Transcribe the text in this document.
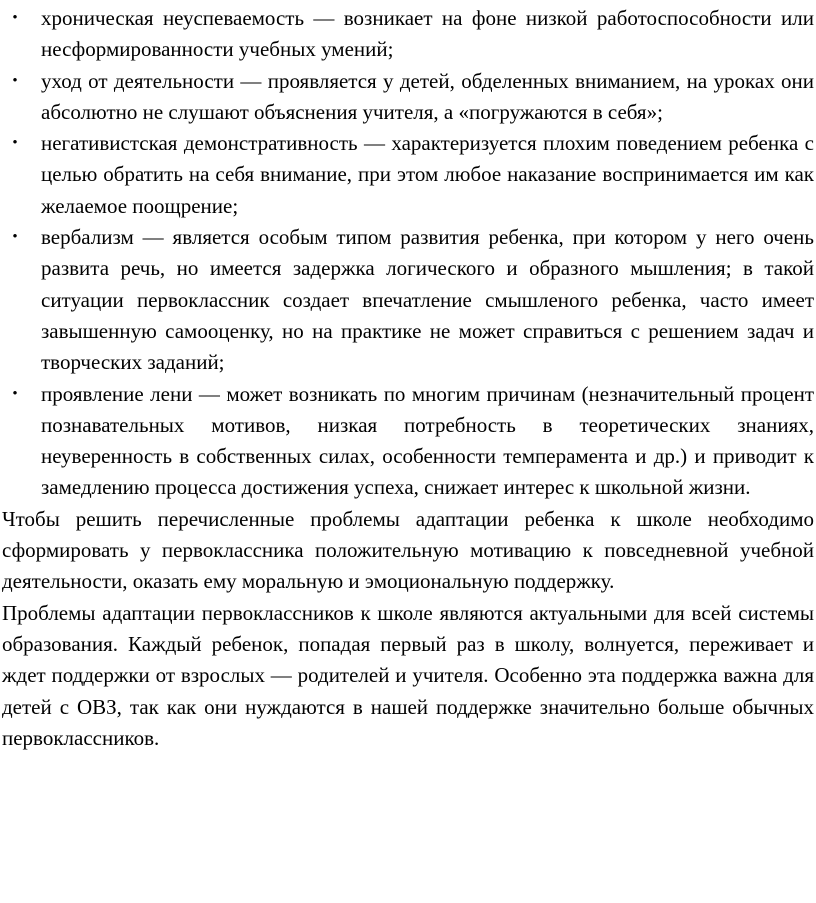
• хроническая неуспеваемость — возникает на фоне низкой работоспособности или несформированности учебных умений;
• уход от деятельности — проявляется у детей, обделенных вниманием, на уроках они абсолютно не слушают объяснения учителя, а «погружаются в себя»;
• негативистская демонстративность — характеризуется плохим поведением ребенка с целью обратить на себя внимание, при этом любое наказание воспринимается им как желаемое поощрение;
• вербализм — является особым типом развития ребенка, при котором у него очень развита речь, но имеется задержка логического и образного мышления; в такой ситуации первоклассник создает впечатление смышленого ребенка, часто имеет завышенную самооценку, но на практике не может справиться с решением задач и творческих заданий;
• проявление лени — может возникать по многим причинам (незначительный процент познавательных мотивов, низкая потребность в теоретических знаниях, неуверенность в собственных силах, особенности темперамента и др.) и приводит к замедлению процесса достижения успеха, снижает интерес к школьной жизни.

Чтобы решить перечисленные проблемы адаптации ребенка к школе необходимо сформировать у первоклассника положительную мотивацию к повседневной учебной деятельности, оказать ему моральную и эмоциональную поддержку.

Проблемы адаптации первоклассников к школе являются актуальными для всей системы образования. Каждый ребенок, попадая первый раз в школу, волнуется, переживает и ждет поддержки от взрослых — родителей и учителя. Особенно эта поддержка важна для детей с ОВЗ, так как они нуждаются в нашей поддержке значительно больше обычных первоклассников.
